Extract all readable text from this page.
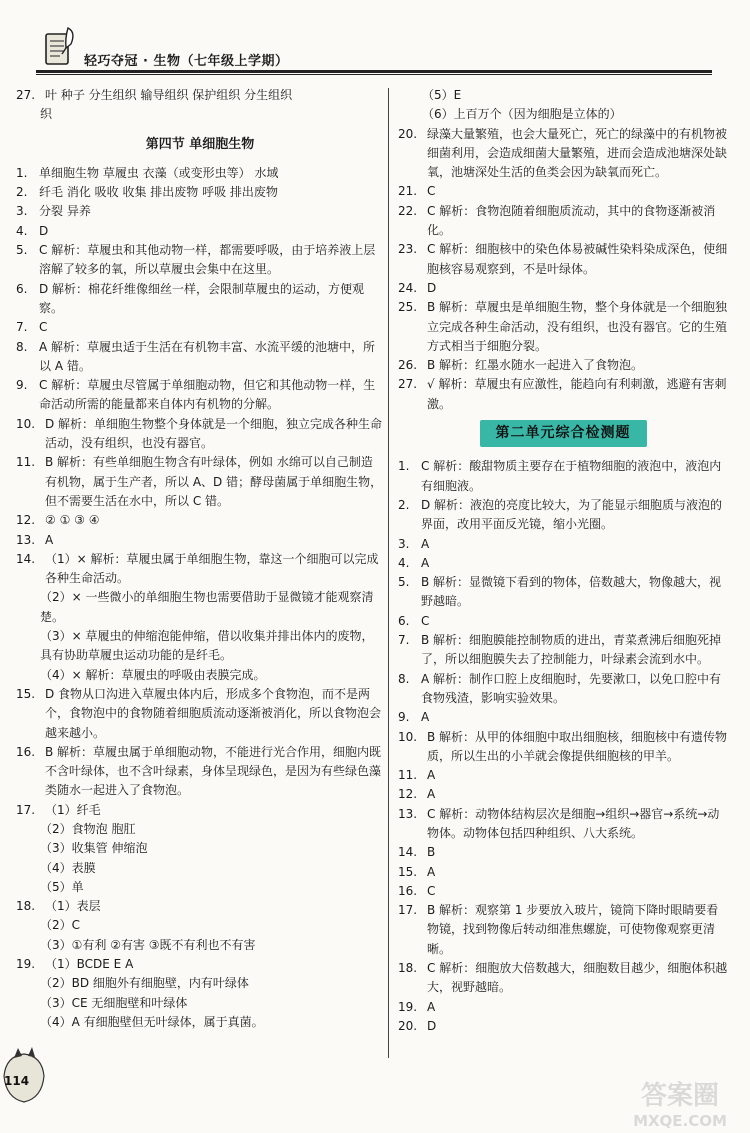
轻巧夺冠 · 生物（七年级上学期）
27. 叶 种子 分生组织 输导组织 保护组织 分生组织
织
第四节 单细胞生物
1. 单细胞生物 草履虫 衣藻（或变形虫等） 水域
2. 纤毛 消化 吸收 收集 排出废物 呼吸 排出废物
3. 分裂 异养
4. D
5. C 解析：草履虫和其他动物一样，都需要呼吸，由于培养液上层溶解了较多的氧，所以草履虫会集中在这里。
6. D 解析：棉花纤维像细丝一样，会限制草履虫的运动，方便观察。
7. C
8. A 解析：草履虫适于生活在有机物丰富、水流平缓的池塘中，所以 A 错。
9. C 解析：草履虫尽管属于单细胞动物，但它和其他动物一样，生命活动所需的能量都来自体内有机物的分解。
10. D 解析：单细胞生物整个身体就是一个细胞，独立完成各种生命活动，没有组织，也没有器官。
11. B 解析：有些单细胞生物含有叶绿体，例如 水绵可以自己制造有机物，属于生产者，所以 A、D 错；酵母菌属于单细胞生物，但不需要生活在水中，所以 C 错。
12. ② ① ③ ④
13. A
14. （1）× 解析：草履虫属于单细胞生物，靠这一个细胞可以完成各种生命活动。
（2）× 一些微小的单细胞生物也需要借助于显微镜才能观察清楚。
（3）× 草履虫的伸缩泡能伸缩，借以收集并排出体内的废物，具有协助草履虫运动功能的是纤毛。
（4）× 解析：草履虫的呼吸由表膜完成。
15. D 食物从口沟进入草履虫体内后，形成多个食物泡，而不是两个，食物泡中的食物随着细胞质流动逐渐被消化，所以食物泡会越来越小。
16. B 解析：草履虫属于单细胞动物，不能进行光合作用，细胞内既不含叶绿体，也不含叶绿素，身体呈现绿色，是因为有些绿色藻类随水一起进入了食物泡。
17. （1）纤毛
（2）食物泡 胞肛
（3）收集管 伸缩泡
（4）表膜
（5）单
18. （1）表层
（2）C
（3）①有利 ②有害 ③既不有利也不有害
19. （1）BCDE E A
（2）BD 细胞外有细胞壁，内有叶绿体
（3）CE 无细胞壁和叶绿体
（4）A 有细胞壁但无叶绿体，属于真菌。
（5）E
（6）上百万个（因为细胞是立体的）
20. 绿藻大量繁殖，也会大量死亡，死亡的绿藻中的有机物被细菌利用，会造成细菌大量繁殖，进而会造成池塘深处缺氧，池塘深处生活的鱼类会因为缺氧而死亡。
21. C
22. C 解析：食物泡随着细胞质流动，其中的食物逐渐被消化。
23. C 解析：细胞核中的染色体易被碱性染料染成深色，使细胞核容易观察到，不是叶绿体。
24. D
25. B 解析：草履虫是单细胞生物，整个身体就是一个细胞独立完成各种生命活动，没有组织，也没有器官。它的生殖方式相当于细胞分裂。
26. B 解析：红墨水随水一起进入了食物泡。
27. √ 解析：草履虫有应激性，能趋向有利刺激，逃避有害刺激。
第二单元综合检测题
1. C 解析：酸甜物质主要存在于植物细胞的液泡中，液泡内有细胞液。
2. D 解析：液泡的亮度比较大，为了能显示细胞质与液泡的界面，改用平面反光镜，缩小光圈。
3. A
4. A
5. B 解析：显微镜下看到的物体，倍数越大，物像越大，视野越暗。
6. C
7. B 解析：细胞膜能控制物质的进出，青菜煮沸后细胞死掉了，所以细胞膜失去了控制能力，叶绿素会流到水中。
8. A 解析：制作口腔上皮细胞时，先要漱口，以免口腔中有食物残渣，影响实验效果。
9. A
10. B 解析：从甲的体细胞中取出细胞核，细胞核中有遗传物质，所以生出的小羊就会像提供细胞核的甲羊。
11. A
12. A
13. C 解析：动物体结构层次是细胞→组织→器官→系统→动物体。动物体包括四种组织、八大系统。
14. B
15. A
16. C
17. B 解析：观察第 1 步要放入玻片，镜筒下降时眼睛要看物镜，找到物像后转动细准焦螺旋，可使物像观察更清晰。
18. C 解析：细胞放大倍数越大，细胞数目越少，细胞体积越大，视野越暗。
19. A
20. D
114	答案圈
MXQE.COM
